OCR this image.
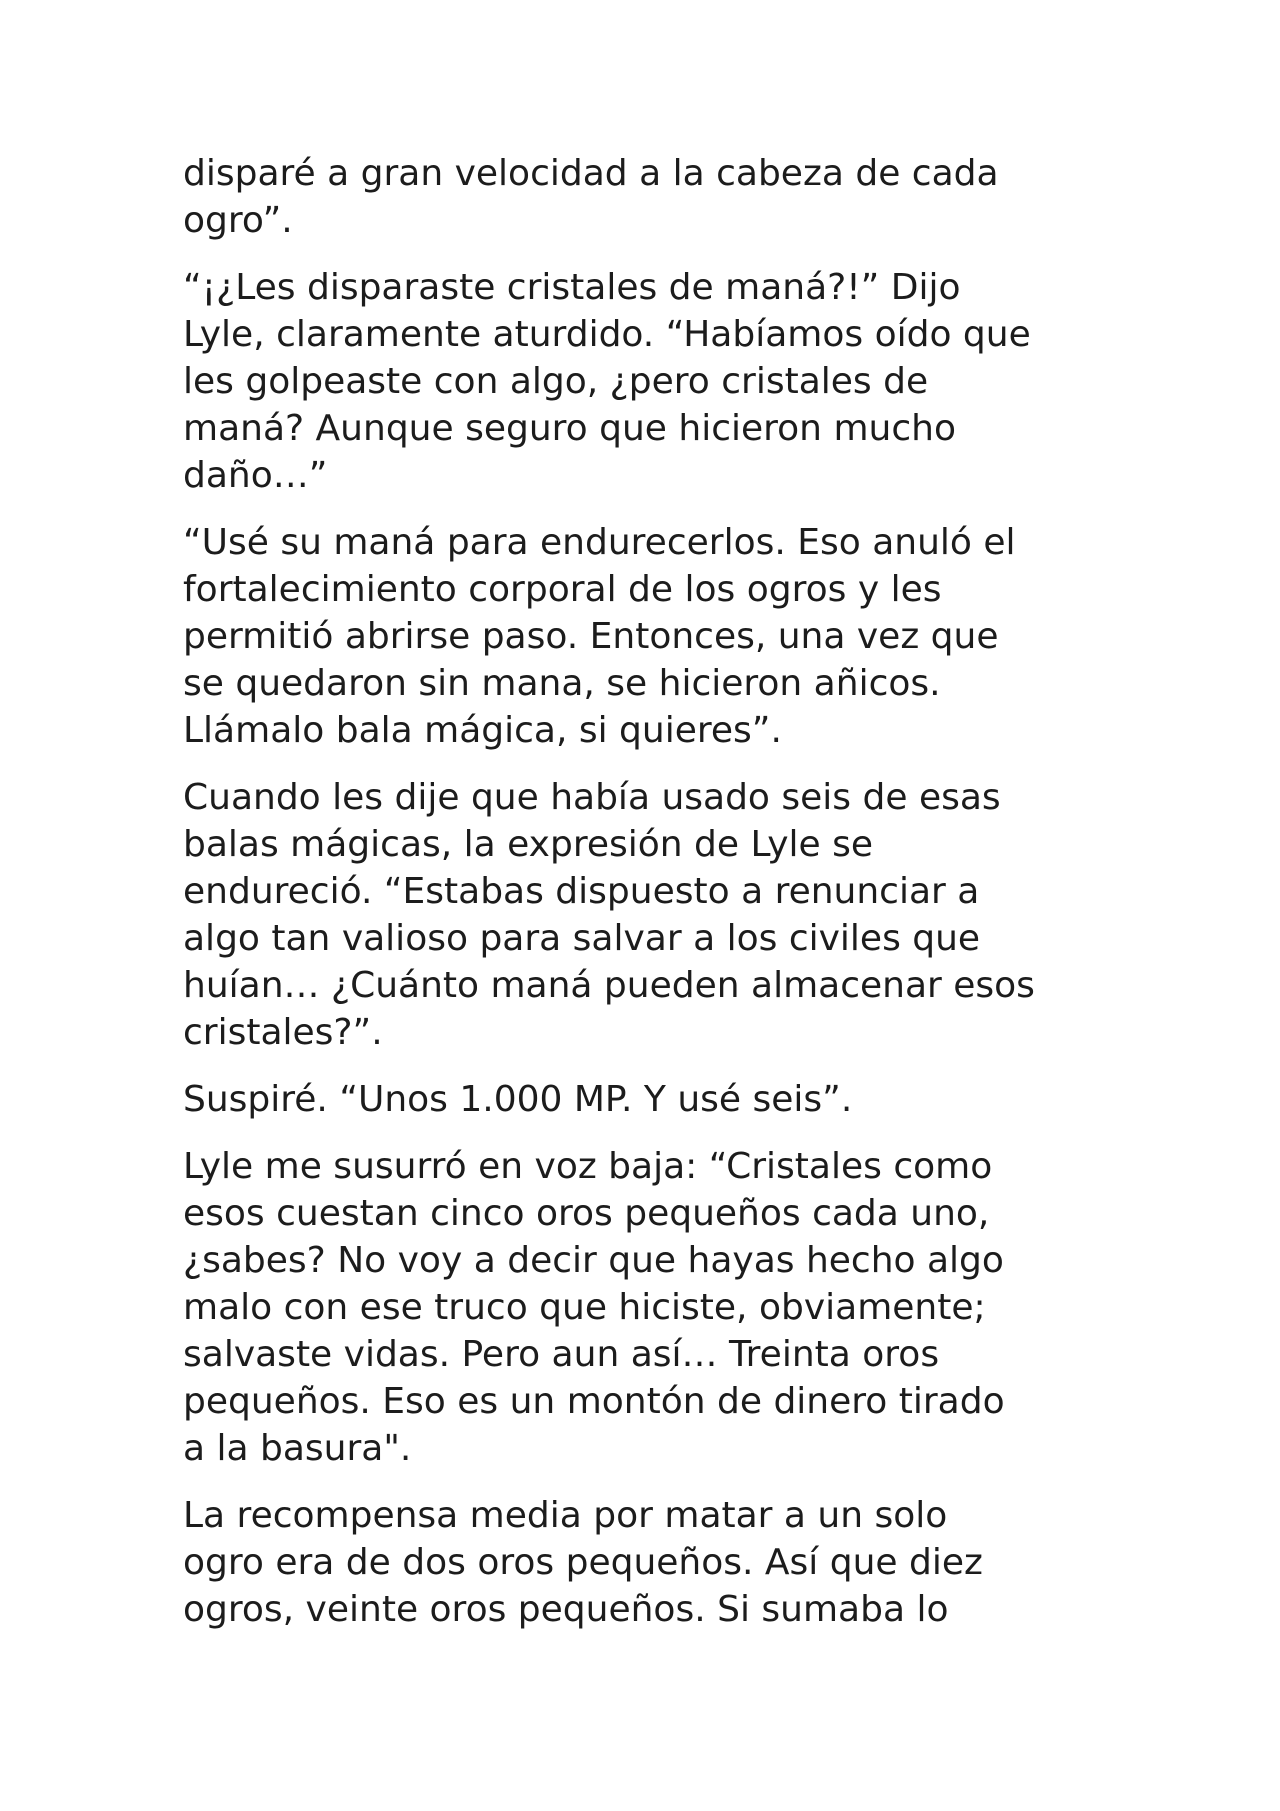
disparé a gran velocidad a la cabeza de cada
ogro”.

“¡¿Les disparaste cristales de maná?!” Dijo
Lyle, claramente aturdido. “Habíamos oído que
les golpeaste con algo, ¿pero cristales de
maná? Aunque seguro que hicieron mucho
daño…”

“Usé su maná para endurecerlos. Eso anuló el
fortalecimiento corporal de los ogros y les
permitió abrirse paso. Entonces, una vez que
se quedaron sin mana, se hicieron añicos.
Llámalo bala mágica, si quieres”.

Cuando les dije que había usado seis de esas
balas mágicas, la expresión de Lyle se
endureció. “Estabas dispuesto a renunciar a
algo tan valioso para salvar a los civiles que
huían… ¿Cuánto maná pueden almacenar esos
cristales?”.

Suspiré. “Unos 1.000 MP. Y usé seis”.

Lyle me susurró en voz baja: “Cristales como
esos cuestan cinco oros pequeños cada uno,
¿sabes? No voy a decir que hayas hecho algo
malo con ese truco que hiciste, obviamente;
salvaste vidas. Pero aun así… Treinta oros
pequeños. Eso es un montón de dinero tirado
a la basura".

La recompensa media por matar a un solo
ogro era de dos oros pequeños. Así que diez
ogros, veinte oros pequeños. Si sumaba lo
